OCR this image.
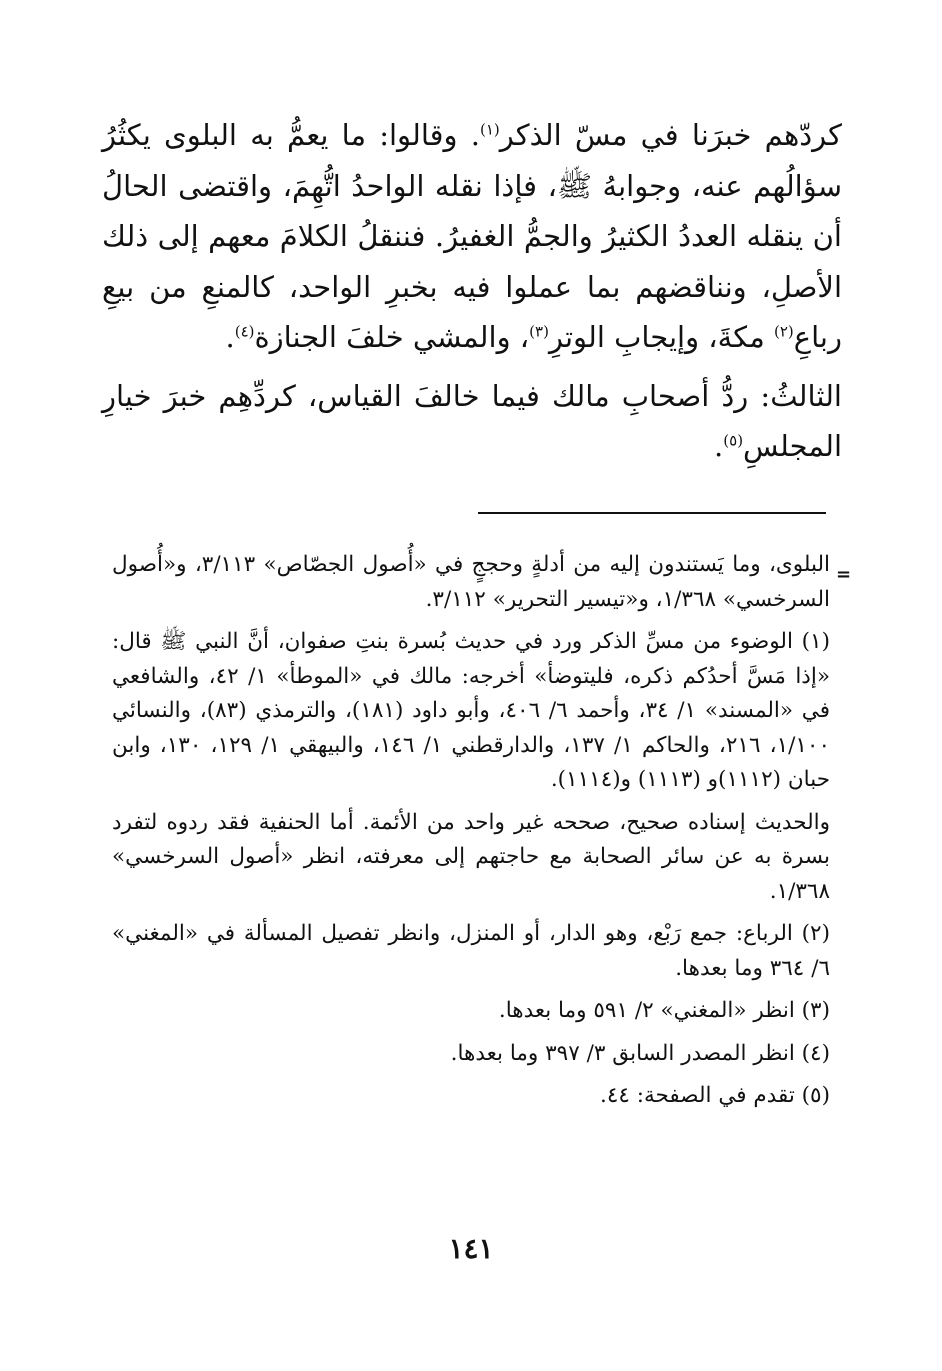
كردّهم خبرَنا في مسّ الذكر$^{(١)}$. وقالوا: ما يعمُّ به البلوى يكثُرُ سؤالُهم عنه، وجوابهُ ﷺ، فإذا نقله الواحدُ اتُّهِمَ، واقتضى الحالُ أن ينقله العددُ الكثيرُ والجمُّ الغفيرُ. فننقلُ الكلامَ معهم إلى ذلك الأصلِ، ونناقضهم بما عملوا فيه بخبرِ الواحد، كالمنعِ من بيعِ رباعِ$^{(٢)}$ مكةَ، وإيجابِ الوترِ$^{(٣)}$، والمشي خلفَ الجنازة$^{(٤)}$.

الثالثُ: ردُّ أصحابِ مالك فيما خالفَ القياس، كردِّهِم خبرَ خيارِ المجلسِ$^{(٥)}$.

=

البلوى، وما يَستندون إليه من أدلةٍ وحججٍ في «أُصول الجصّاص» ٣/١١٣، و«أُصول السرخسي» ١/٣٦٨، و«تيسير التحرير» ٣/١١٢.

(١) الوضوء من مسِّ الذكر ورد في حديث بُسرة بنتِ صفوان، أنَّ النبي ﷺ قال: «إذا مَسَّ أحدُكم ذكره، فليتوضأ» أخرجه: مالك في «الموطأ» ١/ ٤٢، والشافعي في «المسند» ١/ ٣٤، وأحمد ٦/ ٤٠٦، وأبو داود (١٨١)، والترمذي (٨٣)، والنسائي ١/١٠٠، ٢١٦، والحاكم ١/ ١٣٧، والدارقطني ١/ ١٤٦، والبيهقي ١/ ١٢٩، ١٣٠، وابن حبان (١١١٢)و (١١١٣) و(١١١٤).

والحديث إسناده صحيح، صححه غير واحد من الأئمة. أما الحنفية فقد ردوه لتفرد بسرة به عن سائر الصحابة مع حاجتهم إلى معرفته، انظر «أصول السرخسي» ١/٣٦٨.

(٢) الرباع: جمع رَبْع، وهو الدار، أو المنزل، وانظر تفصيل المسألة في «المغني» ٦/ ٣٦٤ وما بعدها.

(٣) انظر «المغني» ٢/ ٥٩١ وما بعدها.

(٤) انظر المصدر السابق ٣/ ٣٩٧ وما بعدها.

(٥) تقدم في الصفحة: ٤٤.

١٤١
